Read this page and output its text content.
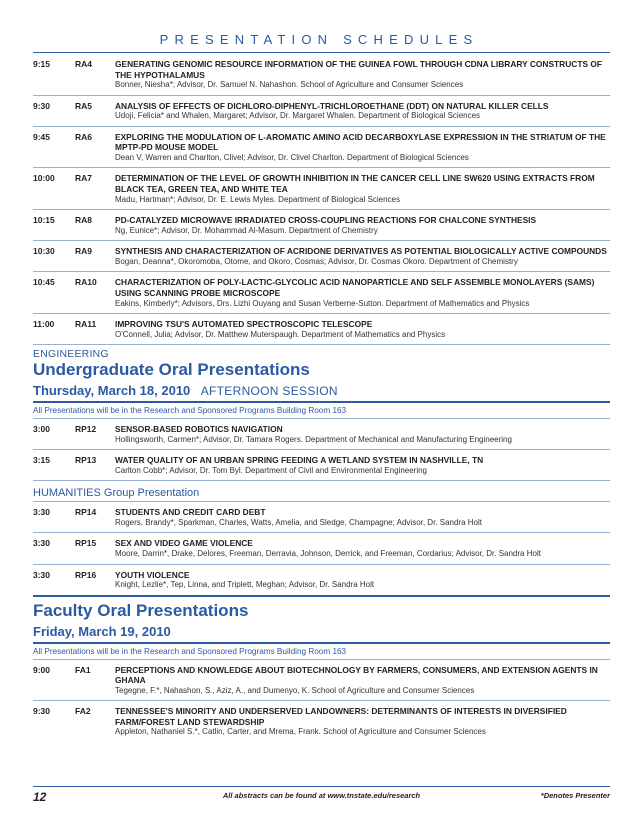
PRESENTATION SCHEDULES
9:15	RA4	GENERATING GENOMIC RESOURCE INFORMATION OF THE GUINEA FOWL THROUGH CDNA LIBRARY CONSTRUCTS OF THE HYPOTHALAMUS
Bonner, Niesha*; Advisor, Dr. Samuel N. Nahashon. School of Agriculture and Consumer Sciences
9:30	RA5	ANALYSIS OF EFFECTS OF DICHLORO-DIPHENYL-TRICHLOROETHANE (DDT) ON NATURAL KILLER CELLS
Udoji, Felicia* and Whalen, Margaret; Advisor, Dr. Margaret Whalen. Department of Biological Sciences
9:45	RA6	EXPLORING THE MODULATION OF L-AROMATIC AMINO ACID DECARBOXYLASE EXPRESSION IN THE STRIATUM OF THE MPTP-PD MOUSE MODEL
Dean V, Warren and Charlton, Clivel; Advisor, Dr. Clivel Charlton. Department of Biological Sciences
10:00	RA7	DETERMINATION OF THE LEVEL OF GROWTH INHIBITION IN THE CANCER CELL LINE SW620 USING EXTRACTS FROM BLACK TEA, GREEN TEA, AND WHITE TEA
Madu, Hartman*; Advisor, Dr. E. Lewis Myles. Department of Biological Sciences
10:15	RA8	PD-CATALYZED MICROWAVE IRRADIATED CROSS-COUPLING REACTIONS FOR CHALCONE SYNTHESIS
Ng, Eunice*; Advisor, Dr. Mohammad Al-Masum. Department of Chemistry
10:30	RA9	SYNTHESIS AND CHARACTERIZATION OF ACRIDONE DERIVATIVES AS POTENTIAL BIOLOGICALLY ACTIVE COMPOUNDS
Bogan, Deanna*, Okoromoba, Otome, and Okoro, Cosmas; Advisor, Dr. Cosmas Okoro. Department of Chemistry
10:45	RA10	CHARACTERIZATION OF POLY-LACTIC-GLYCOLIC ACID NANOPARTICLE AND SELF ASSEMBLE MONOLAYERS (SAMS) USING SCANNING PROBE MICROSCOPE
Eakins, Kimberly*; Advisors, Drs. Lizhi Ouyang and Susan Verberne-Sutton. Department of Mathematics and Physics
11:00	RA11	IMPROVING TSU'S AUTOMATED SPECTROSCOPIC TELESCOPE
O'Connell, Julia; Advisor, Dr. Matthew Muterspaugh. Department of Mathematics and Physics
ENGINEERING
Undergraduate Oral Presentations
Thursday, March 18, 2010 AFTERNOON SESSION
All Presentations will be in the Research and Sponsored Programs Building Room 163
3:00	RP12	SENSOR-BASED ROBOTICS NAVIGATION
Hollingsworth, Carmen*; Advisor, Dr. Tamara Rogers. Department of Mechanical and Manufacturing Engineering
3:15	RP13	WATER QUALITY OF AN URBAN SPRING FEEDING A WETLAND SYSTEM IN NASHVILLE, TN
Carlton Cobb*; Advisor, Dr. Tom Byl. Department of Civil and Environmental Engineering
HUMANITIES Group Presentation
3:30	RP14	STUDENTS AND CREDIT CARD DEBT
Rogers, Brandy*, Sparkman, Charles, Watts, Amelia, and Sledge, Champagne; Advisor, Dr. Sandra Holt
3:30	RP15	SEX AND VIDEO GAME VIOLENCE
Moore, Darrin*, Drake, Delores, Freeman, Derravia, Johnson, Derrick, and Freeman, Cordarius; Advisor, Dr. Sandra Holt
3:30	RP16	YOUTH VIOLENCE
Knight, Lezlie*, Tep, Linna, and Triplett, Meghan; Advisor, Dr. Sandra Holt
Faculty Oral Presentations
Friday, March 19, 2010
All Presentations will be in the Research and Sponsored Programs Building Room 163
9:00	FA1	PERCEPTIONS AND KNOWLEDGE ABOUT BIOTECHNOLOGY BY FARMERS, CONSUMERS, AND EXTENSION AGENTS IN GHANA
Tegegne, F.*, Nahashon, S., Aziz, A., and Dumenyo, K. School of Agriculture and Consumer Sciences
9:30	FA2	TENNESSEE'S MINORITY AND UNDERSERVED LANDOWNERS: DETERMINANTS OF INTERESTS IN DIVERSIFIED FARM/FOREST LAND STEWARDSHIP
Appleton, Nathaniel S.*, Catlin, Carter, and Mrema, Frank. School of Agriculture and Consumer Sciences
12	All abstracts can be found at www.tnstate.edu/research	*Denotes Presenter
